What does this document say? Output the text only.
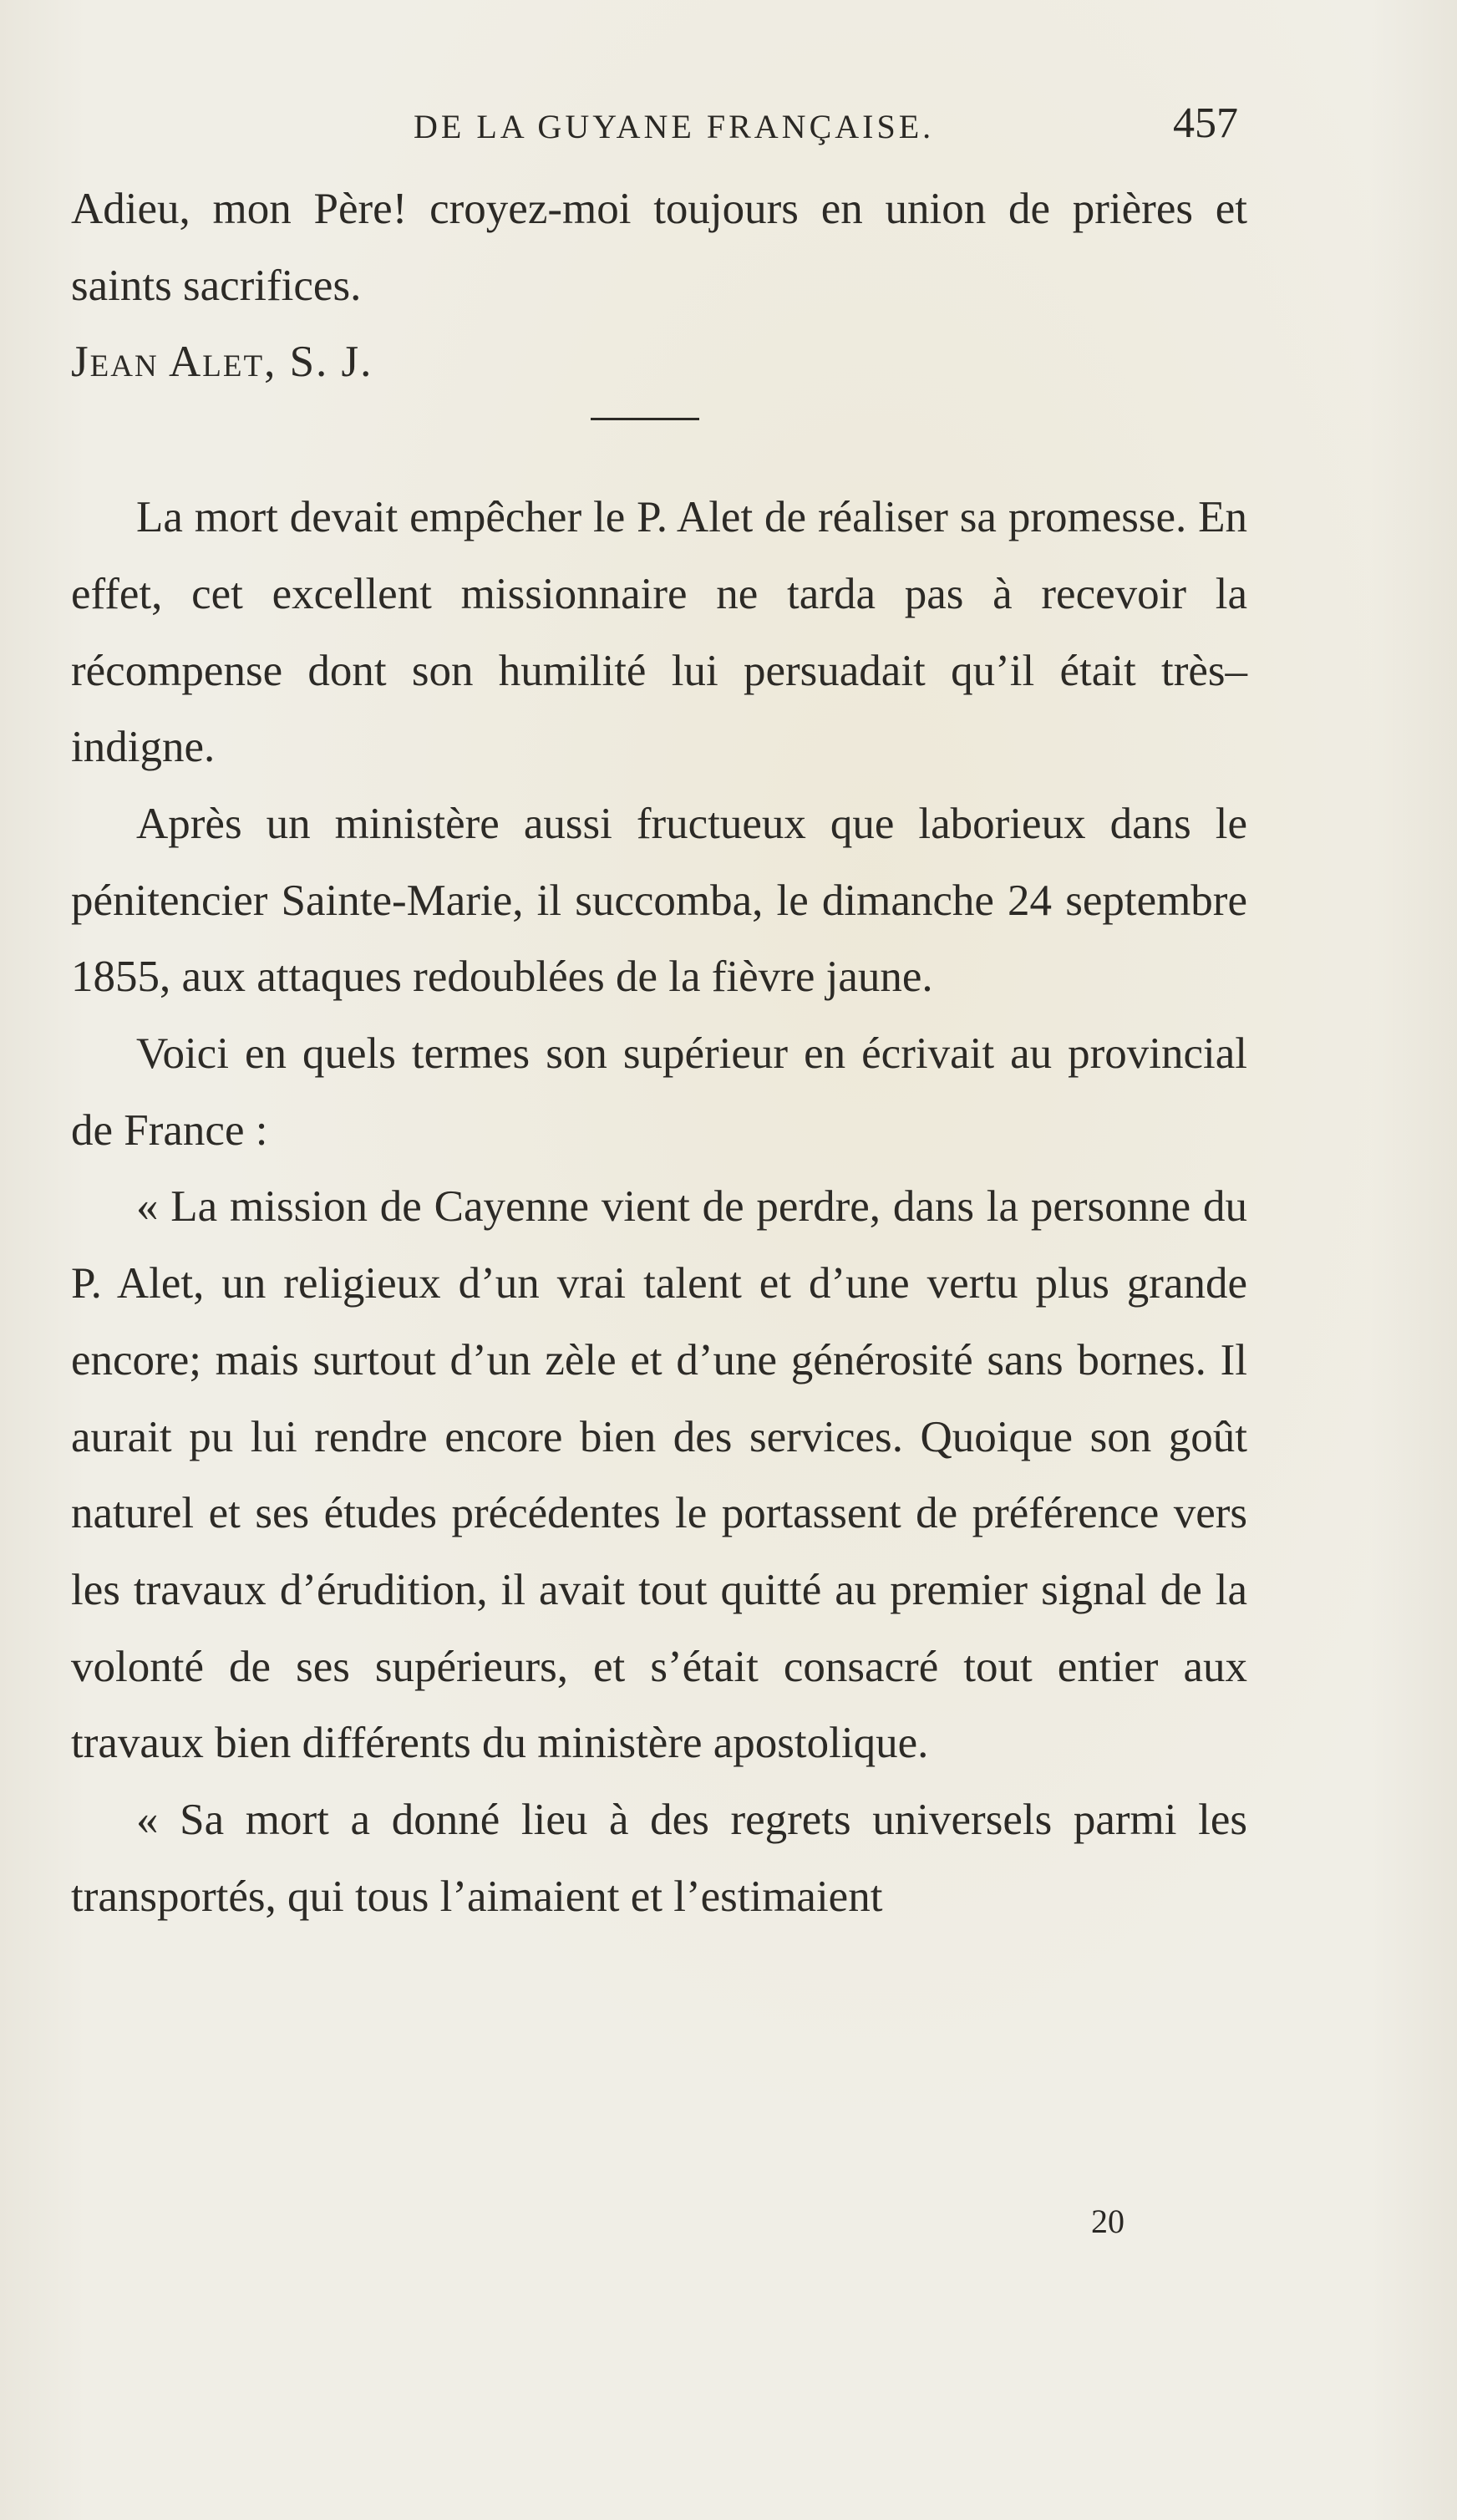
DE LA GUYANE FRANÇAISE.	457

Adieu, mon Père! croyez-moi toujours en union de prières et saints sacrifices.

Jean Alet, S. J.

La mort devait empêcher le P. Alet de réaliser sa promesse. En effet, cet excellent missionnaire ne tarda pas à recevoir la récompense dont son humilité lui persuadait qu’il était très–indigne.

Après un ministère aussi fructueux que laborieux dans le pénitencier Sainte-Marie, il succomba, le dimanche 24 septembre 1855, aux attaques redoublées de la fièvre jaune.

Voici en quels termes son supérieur en écrivait au provincial de France :

« La mission de Cayenne vient de perdre, dans la personne du P. Alet, un religieux d’un vrai talent et d’une vertu plus grande encore; mais surtout d’un zèle et d’une générosité sans bornes. Il aurait pu lui rendre encore bien des services. Quoique son goût naturel et ses études précédentes le portassent de préférence vers les travaux d’érudition, il avait tout quitté au premier signal de la volonté de ses supérieurs, et s’était consacré tout entier aux travaux bien différents du ministère apostolique.

« Sa mort a donné lieu à des regrets universels parmi les transportés, qui tous l’aimaient et l’estimaient

20
